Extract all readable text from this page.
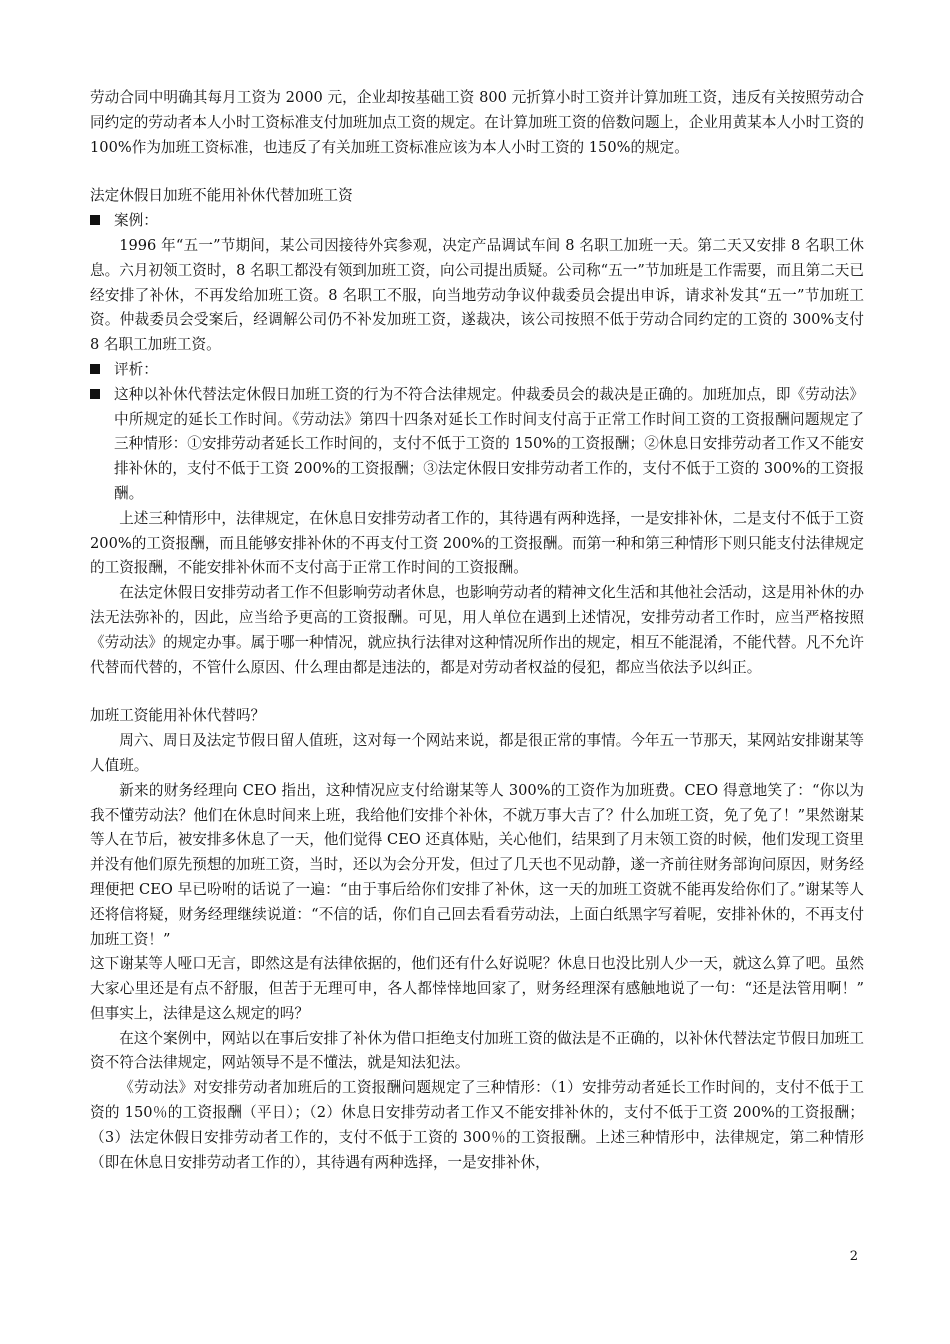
劳动合同中明确其每月工资为 2000 元，企业却按基础工资 800 元折算小时工资并计算加班工资，违反有关按照劳动合同约定的劳动者本人小时工资标准支付加班加点工资的规定。在计算加班工资的倍数问题上，企业用黄某本人小时工资的 100%作为加班工资标准，也违反了有关加班工资标准应该为本人小时工资的 150%的规定。

法定休假日加班不能用补休代替加班工资

案例：

1996 年“五一”节期间，某公司因接待外宾参观，决定产品调试车间 8 名职工加班一天。第二天又安排 8 名职工休息。六月初领工资时，8 名职工都没有领到加班工资，向公司提出质疑。公司称“五一”节加班是工作需要，而且第二天已经安排了补休，不再发给加班工资。8 名职工不服，向当地劳动争议仲裁委员会提出申诉，请求补发其“五一”节加班工资。仲裁委员会受案后，经调解公司仍不补发加班工资，遂裁决，该公司按照不低于劳动合同约定的工资的 300%支付 8 名职工加班工资。

评析：
这种以补休代替法定休假日加班工资的行为不符合法律规定。仲裁委员会的裁决是正确的。加班加点，即《劳动法》中所规定的延长工作时间。《劳动法》第四十四条对延长工作时间支付高于正常工作时间工资的工资报酬问题规定了三种情形：①安排劳动者延长工作时间的，支付不低于工资的 150%的工资报酬；②休息日安排劳动者工作又不能安排补休的，支付不低于工资 200%的工资报酬；③法定休假日安排劳动者工作的，支付不低于工资的 300%的工资报酬。

上述三种情形中，法律规定，在休息日安排劳动者工作的，其待遇有两种选择，一是安排补休，二是支付不低于工资 200%的工资报酬，而且能够安排补休的不再支付工资 200%的工资报酬。而第一种和第三种情形下则只能支付法律规定的工资报酬，不能安排补休而不支付高于正常工作时间的工资报酬。

在法定休假日安排劳动者工作不但影响劳动者休息，也影响劳动者的精神文化生活和其他社会活动，这是用补休的办法无法弥补的，因此，应当给予更高的工资报酬。可见，用人单位在遇到上述情况，安排劳动者工作时，应当严格按照《劳动法》的规定办事。属于哪一种情况，就应执行法律对这种情况所作出的规定，相互不能混淆，不能代替。凡不允许代替而代替的，不管什么原因、什么理由都是违法的，都是对劳动者权益的侵犯，都应当依法予以纠正。

加班工资能用补休代替吗？

周六、周日及法定节假日留人值班，这对每一个网站来说，都是很正常的事情。今年五一节那天，某网站安排谢某等人值班。

新来的财务经理向 CEO 指出，这种情况应支付给谢某等人 300%的工资作为加班费。CEO 得意地笑了：“你以为我不懂劳动法？他们在休息时间来上班，我给他们安排个补休，不就万事大吉了？什么加班工资，免了免了！”果然谢某等人在节后，被安排多休息了一天，他们觉得 CEO 还真体贴，关心他们，结果到了月末领工资的时候，他们发现工资里并没有他们原先预想的加班工资，当时，还以为会分开发，但过了几天也不见动静，遂一齐前往财务部询问原因，财务经理便把 CEO 早已吩咐的话说了一遍：“由于事后给你们安排了补休，这一天的加班工资就不能再发给你们了。”谢某等人还将信将疑，财务经理继续说道：“不信的话，你们自己回去看看劳动法，上面白纸黑字写着呢，安排补休的，不再支付加班工资！”

这下谢某等人哑口无言，即然这是有法律依据的，他们还有什么好说呢？休息日也没比别人少一天，就这么算了吧。虽然大家心里还是有点不舒服，但苦于无理可申，各人都悻悻地回家了，财务经理深有感触地说了一句：“还是法管用啊！” 但事实上，法律是这么规定的吗？

在这个案例中，网站以在事后安排了补休为借口拒绝支付加班工资的做法是不正确的，以补休代替法定节假日加班工资不符合法律规定，网站领导不是不懂法，就是知法犯法。

《劳动法》对安排劳动者加班后的工资报酬问题规定了三种情形：（1）安排劳动者延长工作时间的，支付不低于工资的 150％的工资报酬（平日）；（2）休息日安排劳动者工作又不能安排补休的，支付不低于工资 200%的工资报酬；（3）法定休假日安排劳动者工作的，支付不低于工资的 300％的工资报酬。上述三种情形中，法律规定，第二种情形（即在休息日安排劳动者工作的），其待遇有两种选择，一是安排补休，

2
